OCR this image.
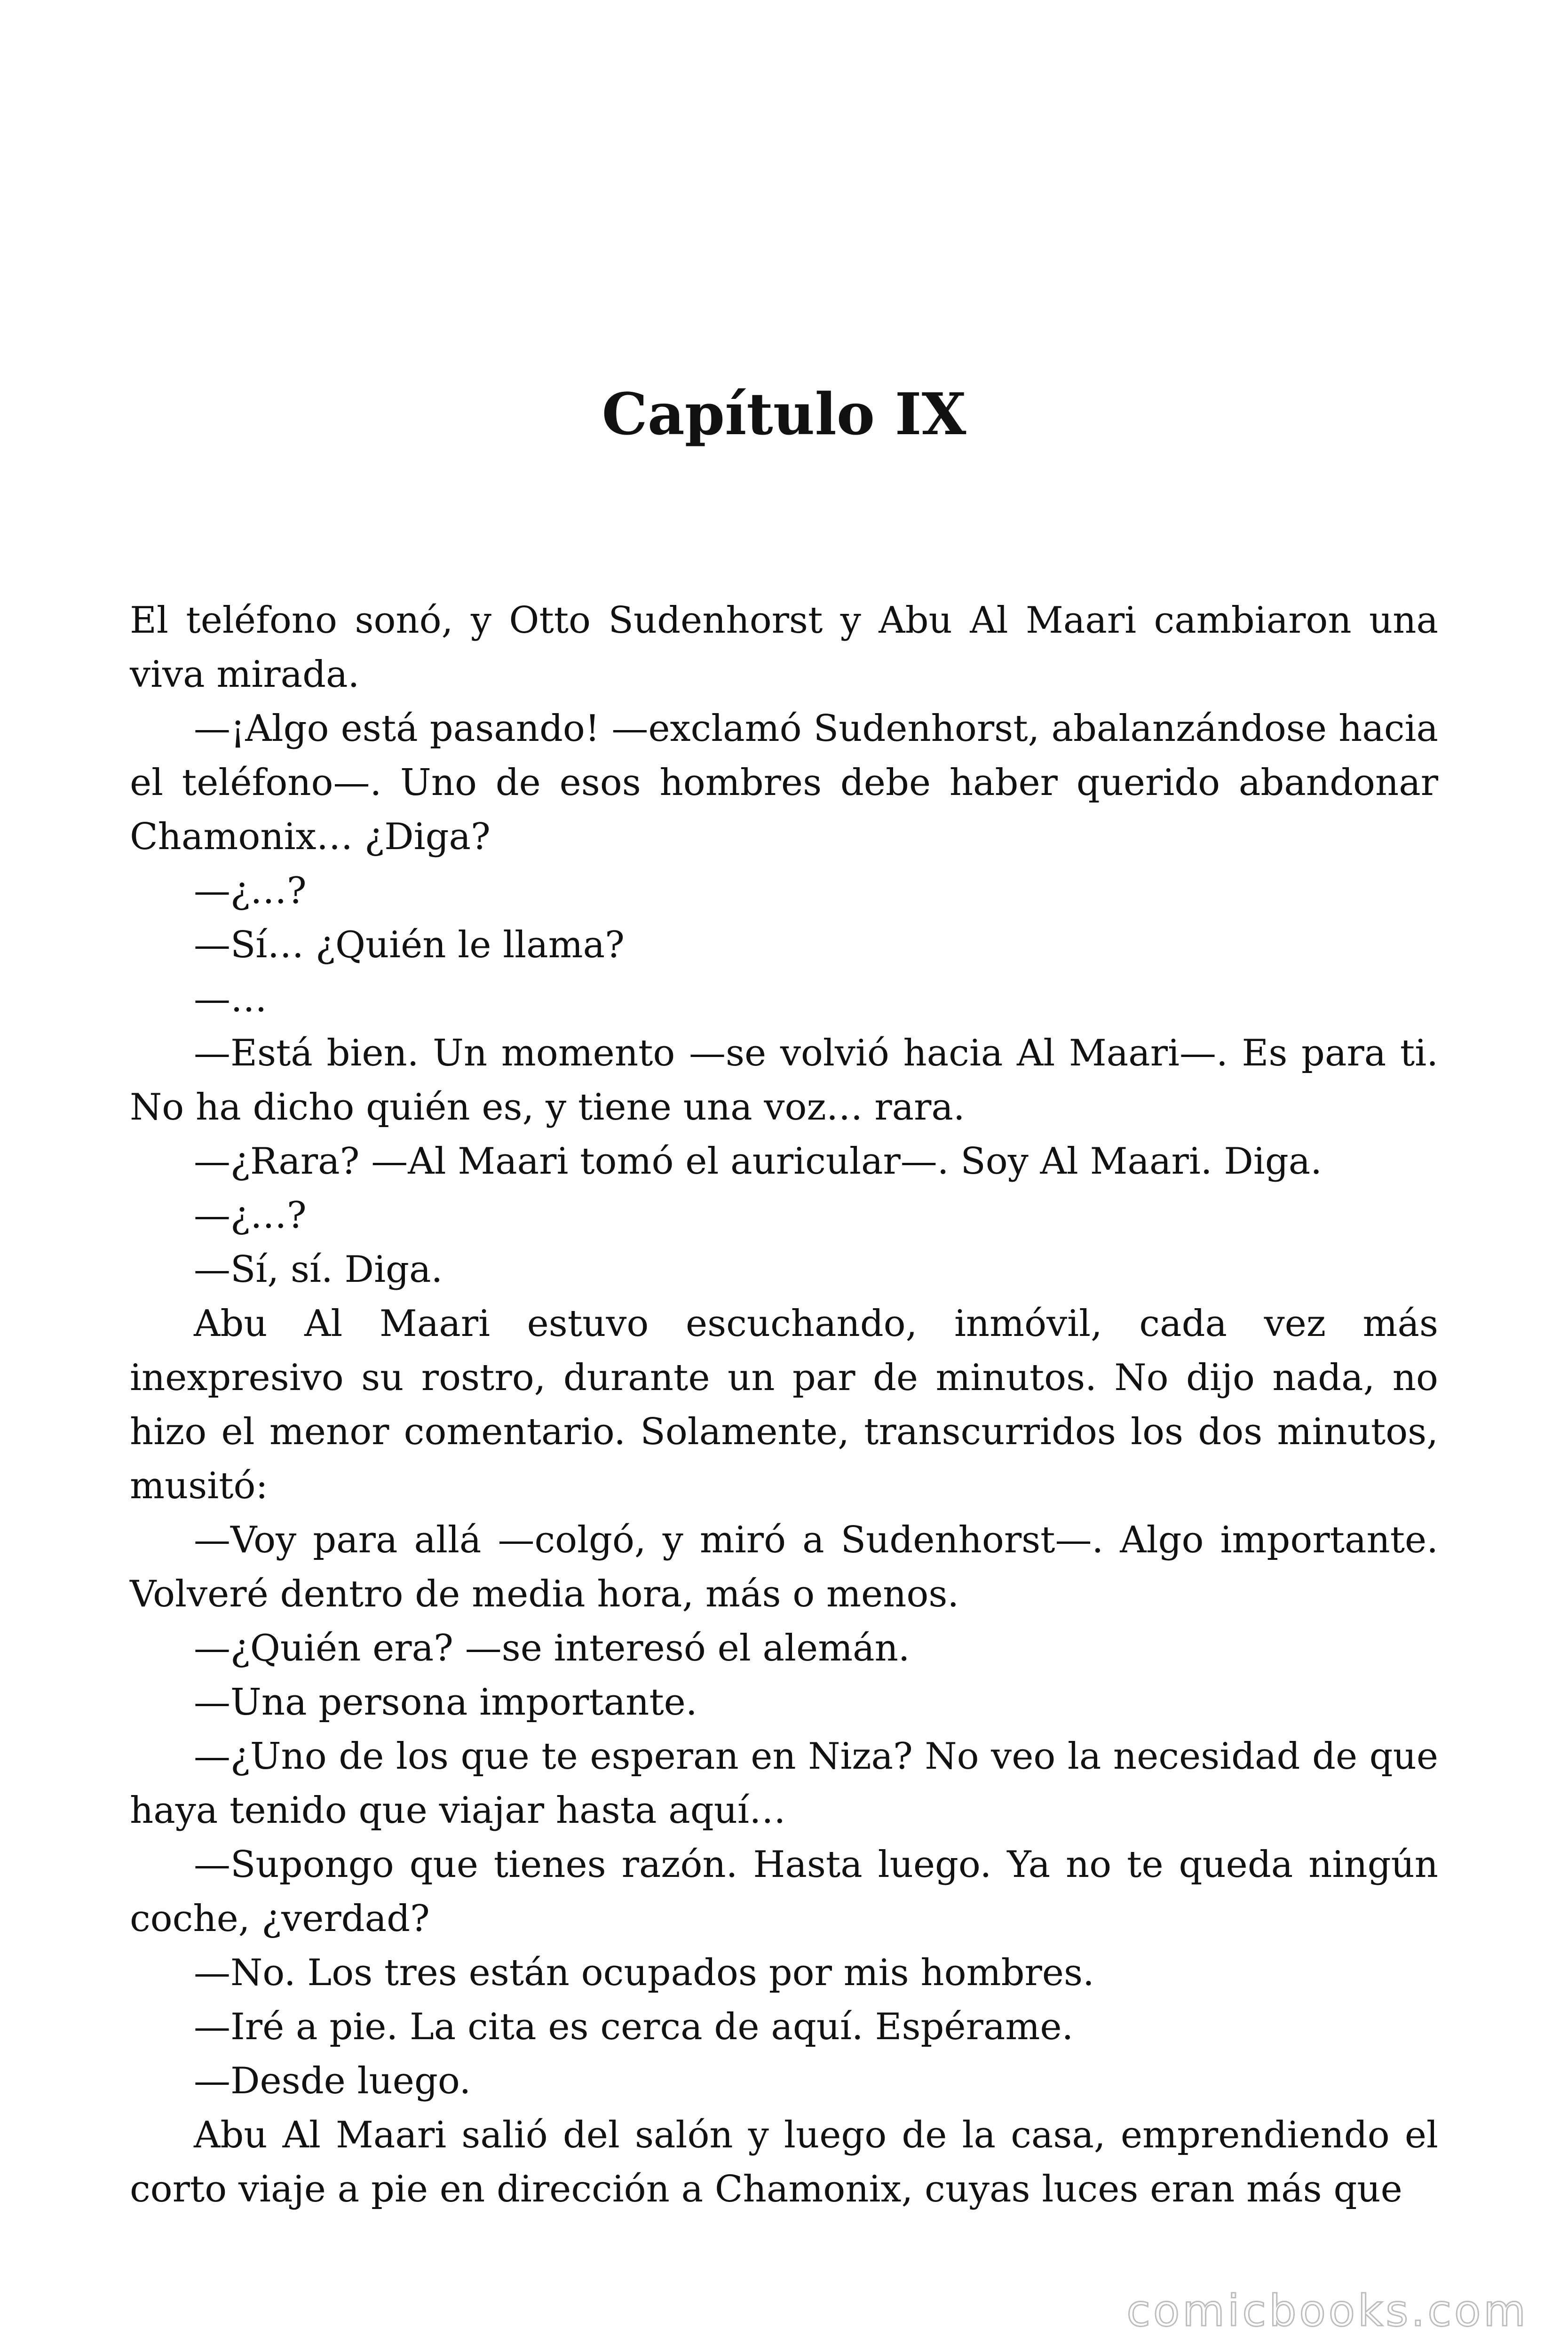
Capítulo IX

El teléfono sonó, y Otto Sudenhorst y Abu Al Maari cambiaron una viva mirada.

—¡Algo está pasando! —exclamó Sudenhorst, abalanzándose hacia el teléfono—. Uno de esos hombres debe haber querido abandonar Chamonix… ¿Diga?

—¿…?

—Sí… ¿Quién le llama?

—…

—Está bien. Un momento —se volvió hacia Al Maari—. Es para ti. No ha dicho quién es, y tiene una voz… rara.

—¿Rara? —Al Maari tomó el auricular—. Soy Al Maari. Diga.

—¿…?

—Sí, sí. Diga.

Abu Al Maari estuvo escuchando, inmóvil, cada vez más inexpresivo su rostro, durante un par de minutos. No dijo nada, no hizo el menor comentario. Solamente, transcurridos los dos minutos, musitó:

—Voy para allá —colgó, y miró a Sudenhorst—. Algo importante. Volveré dentro de media hora, más o menos.

—¿Quién era? —se interesó el alemán.

—Una persona importante.

—¿Uno de los que te esperan en Niza? No veo la necesidad de que haya tenido que viajar hasta aquí…

—Supongo que tienes razón. Hasta luego. Ya no te queda ningún coche, ¿verdad?

—No. Los tres están ocupados por mis hombres.

—Iré a pie. La cita es cerca de aquí. Espérame.

—Desde luego.

Abu Al Maari salió del salón y luego de la casa, emprendiendo el corto viaje a pie en dirección a Chamonix, cuyas luces eran más que

comicbooks.com
